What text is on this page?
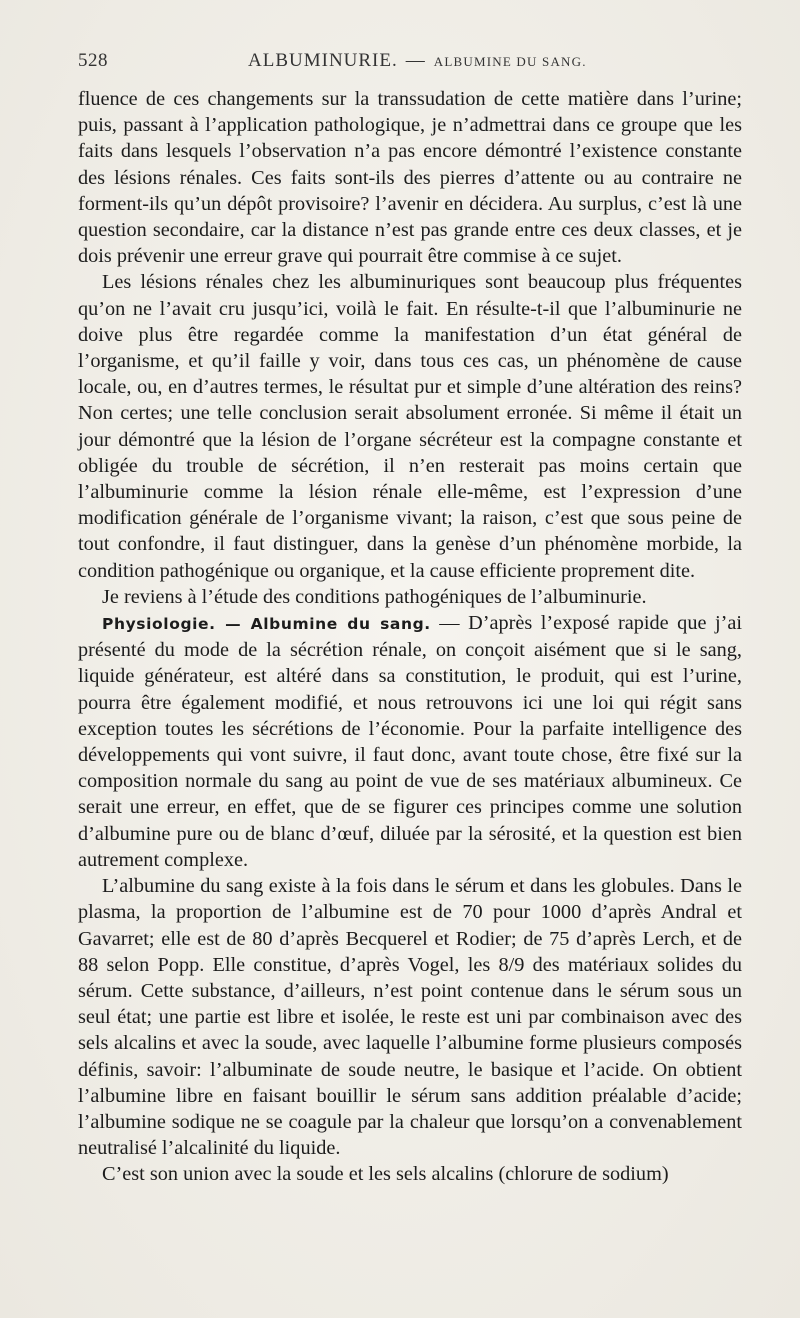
528	ALBUMINURIE. — ALBUMINE DU SANG.

fluence de ces changements sur la transsudation de cette matière dans l’urine; puis, passant à l’application pathologique, je n’admettrai dans ce groupe que les faits dans lesquels l’observation n’a pas encore démontré l’existence constante des lésions rénales. Ces faits sont-ils des pierres d’attente ou au contraire ne forment-ils qu’un dépôt provisoire? l’avenir en décidera. Au surplus, c’est là une question secondaire, car la distance n’est pas grande entre ces deux classes, et je dois prévenir une erreur grave qui pourrait être commise à ce sujet.

Les lésions rénales chez les albuminuriques sont beaucoup plus fréquentes qu’on ne l’avait cru jusqu’ici, voilà le fait. En résulte-t-il que l’albuminurie ne doive plus être regardée comme la manifestation d’un état général de l’organisme, et qu’il faille y voir, dans tous ces cas, un phénomène de cause locale, ou, en d’autres termes, le résultat pur et simple d’une altération des reins? Non certes; une telle conclusion serait absolument erronée. Si même il était un jour démontré que la lésion de l’organe sécréteur est la compagne constante et obligée du trouble de sécrétion, il n’en resterait pas moins certain que l’albuminurie comme la lésion rénale elle-même, est l’expression d’une modification générale de l’organisme vivant; la raison, c’est que sous peine de tout confondre, il faut distinguer, dans la genèse d’un phénomène morbide, la condition pathogénique ou organique, et la cause efficiente proprement dite.

Je reviens à l’étude des conditions pathogéniques de l’albuminurie.

Physiologie. — Albumine du sang. — D’après l’exposé rapide que j’ai présenté du mode de la sécrétion rénale, on conçoit aisément que si le sang, liquide générateur, est altéré dans sa constitution, le produit, qui est l’urine, pourra être également modifié, et nous retrouvons ici une loi qui régit sans exception toutes les sécrétions de l’économie. Pour la parfaite intelligence des développements qui vont suivre, il faut donc, avant toute chose, être fixé sur la composition normale du sang au point de vue de ses matériaux albumineux. Ce serait une erreur, en effet, que de se figurer ces principes comme une solution d’albumine pure ou de blanc d’œuf, diluée par la sérosité, et la question est bien autrement complexe.

L’albumine du sang existe à la fois dans le sérum et dans les globules. Dans le plasma, la proportion de l’albumine est de 70 pour 1000 d’après Andral et Gavarret; elle est de 80 d’après Becquerel et Rodier; de 75 d’après Lerch, et de 88 selon Popp. Elle constitue, d’après Vogel, les 8/9 des matériaux solides du sérum. Cette substance, d’ailleurs, n’est point contenue dans le sérum sous un seul état; une partie est libre et isolée, le reste est uni par combinaison avec des sels alcalins et avec la soude, avec laquelle l’albumine forme plusieurs composés définis, savoir: l’albuminate de soude neutre, le basique et l’acide. On obtient l’albumine libre en faisant bouillir le sérum sans addition préalable d’acide; l’albumine sodique ne se coagule par la chaleur que lorsqu’on a convenablement neutralisé l’alcalinité du liquide.

C’est son union avec la soude et les sels alcalins (chlorure de sodium)
